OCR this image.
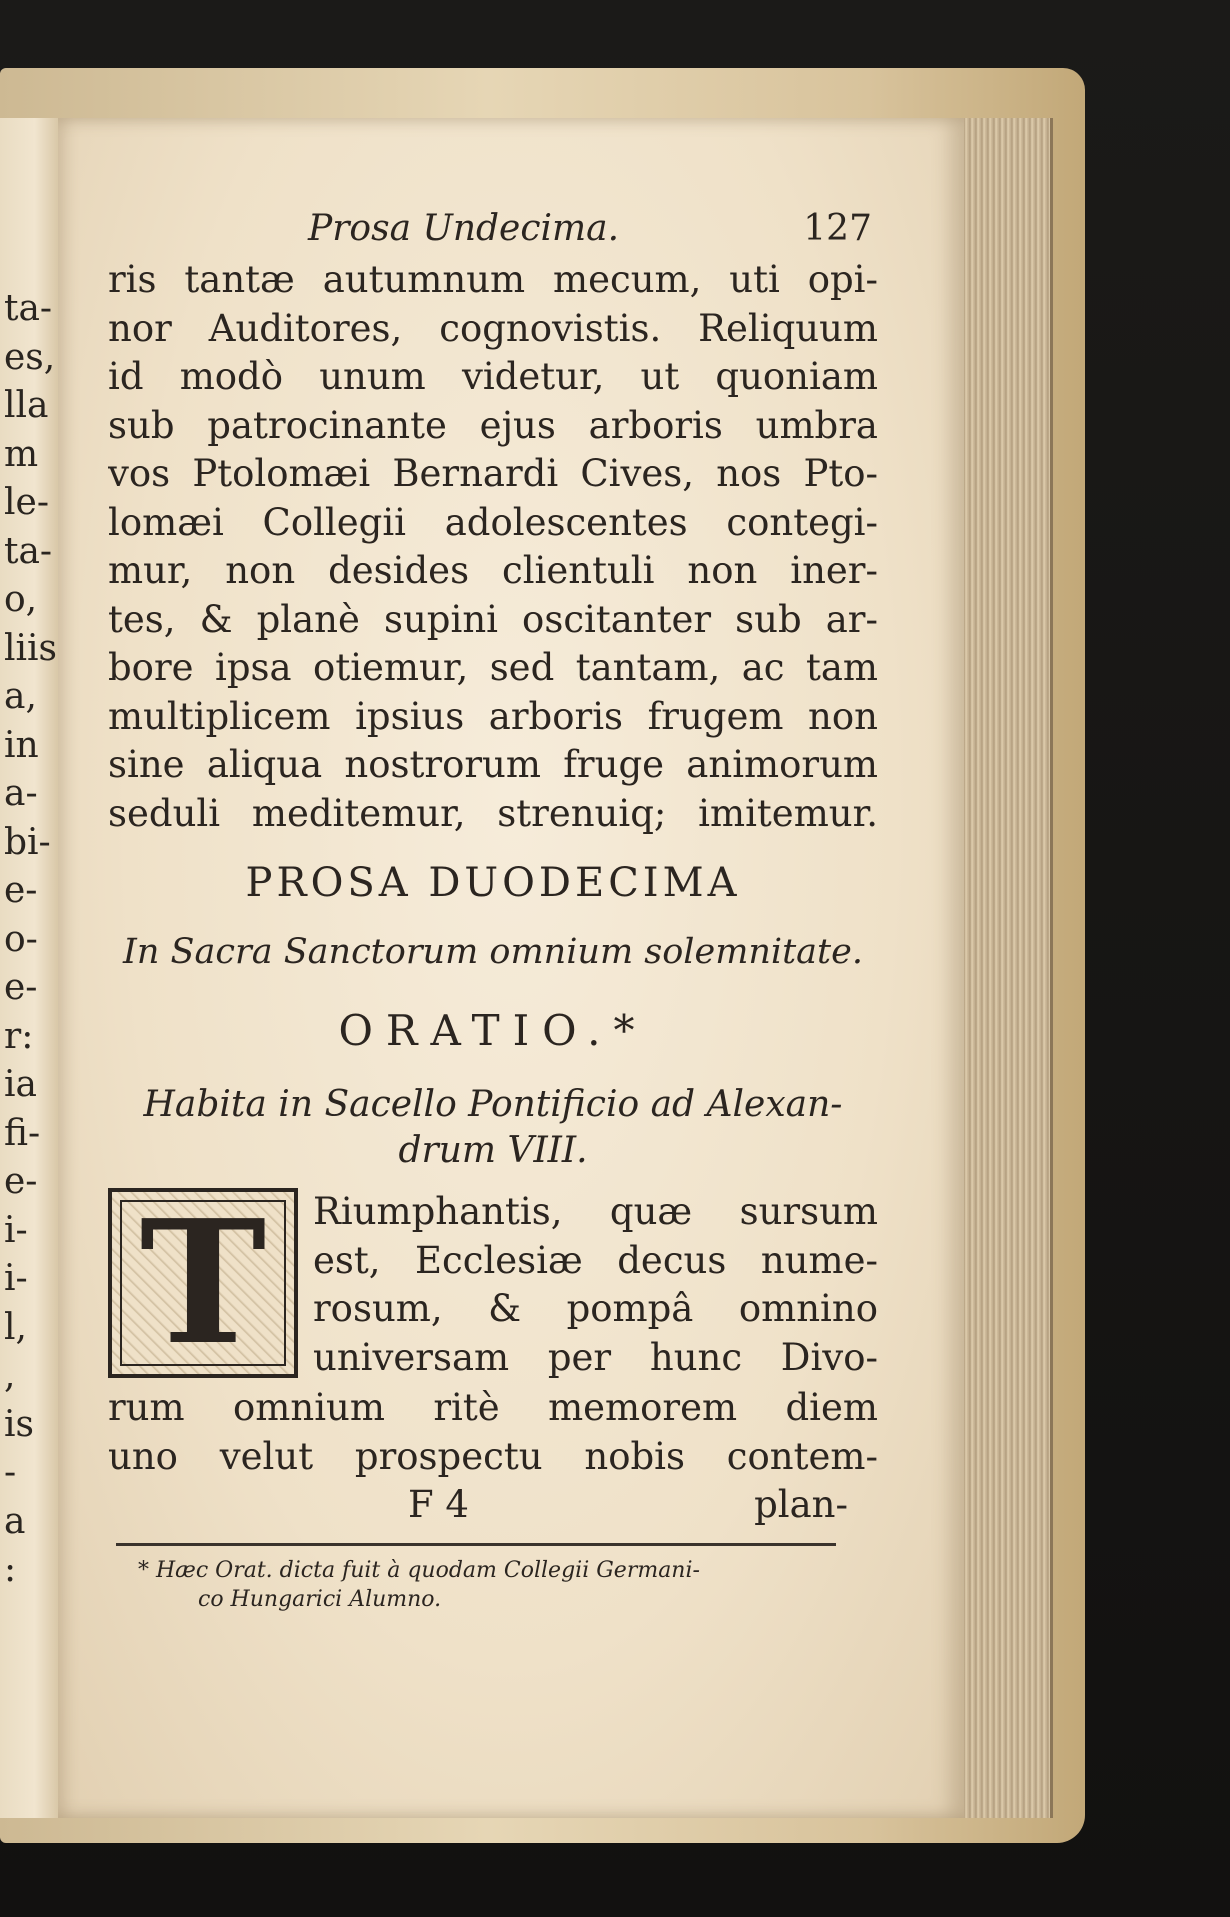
ta-
es,
lla
m
le-
ta-
o,
liis
a,
in
a-
bi-
e-
o-
e-
r:
ia
fi-
e-
i-
i-
l,
,
is
-
a
:
Prosa Undecima.	127
ris tantæ autumnum mecum, uti opi-
nor Auditores, cognovistis. Reliquum
id modò unum videtur, ut quoniam
sub patrocinante ejus arboris umbra
vos Ptolomæi Bernardi Cives, nos Pto-
lomæi Collegii adolescentes contegi-
mur, non desides clientuli non iner-
tes, & planè supini oscitanter sub ar-
bore ipsa otiemur, sed tantam, ac tam
multiplicem ipsius arboris frugem non
sine aliqua nostrorum fruge animorum
seduli meditemur, strenuiq; imitemur.
PROSA DUODECIMA
In Sacra Sanctorum omnium solemnitate.
ORATIO.*
Habita in Sacello Pontificio ad Alexan-
drum VIII.
T	Riumphantis, quæ sursum
est, Ecclesiæ decus nume-
rosum, & pompâ omnino
universam per hunc Divo-
rum omnium ritè memorem diem
uno velut prospectu nobis contem-
F 4	plan-
* Hæc Orat. dicta fuit à quodam Collegii Germani-
co Hungarici Alumno.
